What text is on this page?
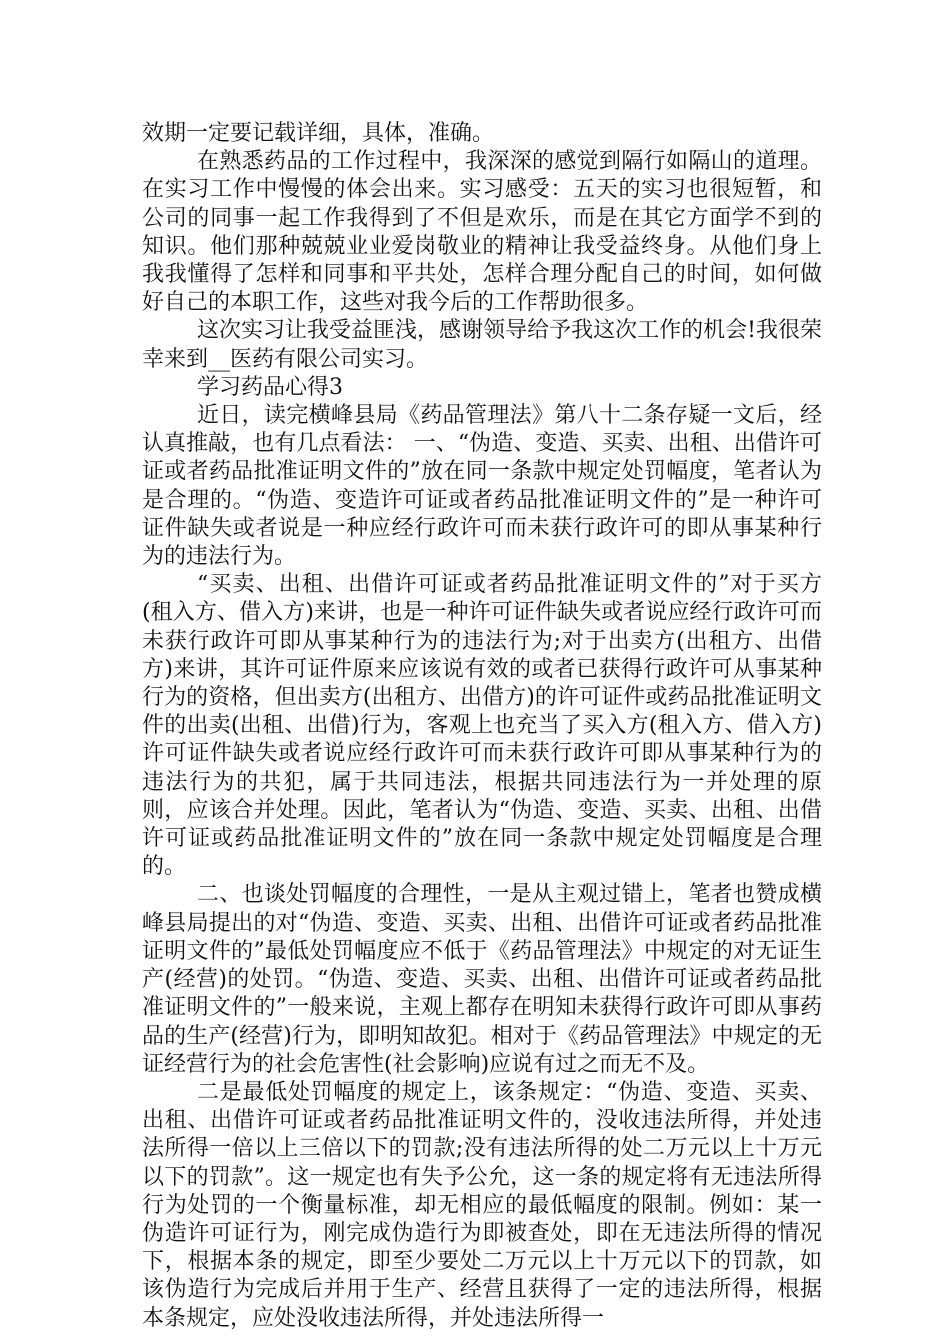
效期一定要记载详细，具体，准确。

在熟悉药品的工作过程中，我深深的感觉到隔行如隔山的道理。在实习工作中慢慢的体会出来。实习感受：五天的实习也很短暂，和公司的同事一起工作我得到了不但是欢乐，而是在其它方面学不到的知识。他们那种兢兢业业爱岗敬业的精神让我受益终身。从他们身上我我懂得了怎样和同事和平共处，怎样合理分配自己的时间，如何做好自己的本职工作，这些对我今后的工作帮助很多。

这次实习让我受益匪浅，感谢领导给予我这次工作的机会!我很荣幸来到__医药有限公司实习。

学习药品心得3

近日，读完横峰县局《药品管理法》第八十二条存疑一文后，经认真推敲，也有几点看法： 一、“伪造、变造、买卖、出租、出借许可证或者药品批准证明文件的”放在同一条款中规定处罚幅度，笔者认为是合理的。“伪造、变造许可证或者药品批准证明文件的”是一种许可证件缺失或者说是一种应经行政许可而未获行政许可的即从事某种行为的违法行为。

“买卖、出租、出借许可证或者药品批准证明文件的”对于买方(租入方、借入方)来讲，也是一种许可证件缺失或者说应经行政许可而未获行政许可即从事某种行为的违法行为;对于出卖方(出租方、出借方)来讲，其许可证件原来应该说有效的或者已获得行政许可从事某种行为的资格，但出卖方(出租方、出借方)的许可证件或药品批准证明文件的出卖(出租、出借)行为，客观上也充当了买入方(租入方、借入方)许可证件缺失或者说应经行政许可而未获行政许可即从事某种行为的违法行为的共犯，属于共同违法，根据共同违法行为一并处理的原则，应该合并处理。因此，笔者认为“伪造、变造、买卖、出租、出借许可证或药品批准证明文件的”放在同一条款中规定处罚幅度是合理的。

二、也谈处罚幅度的合理性，一是从主观过错上，笔者也赞成横峰县局提出的对“伪造、变造、买卖、出租、出借许可证或者药品批准证明文件的”最低处罚幅度应不低于《药品管理法》中规定的对无证生产(经营)的处罚。“伪造、变造、买卖、出租、出借许可证或者药品批准证明文件的”一般来说，主观上都存在明知未获得行政许可即从事药品的生产(经营)行为，即明知故犯。相对于《药品管理法》中规定的无证经营行为的社会危害性(社会影响)应说有过之而无不及。

二是最低处罚幅度的规定上，该条规定：“伪造、变造、买卖、出租、出借许可证或者药品批准证明文件的，没收违法所得，并处违法所得一倍以上三倍以下的罚款;没有违法所得的处二万元以上十万元以下的罚款”。这一规定也有失予公允，这一条的规定将有无违法所得行为处罚的一个衡量标准，却无相应的最低幅度的限制。例如：某一伪造许可证行为，刚完成伪造行为即被查处，即在无违法所得的情况下，根据本条的规定，即至少要处二万元以上十万元以下的罚款，如该伪造行为完成后并用于生产、经营且获得了一定的违法所得，根据本条规定，应处没收违法所得，并处违法所得一
